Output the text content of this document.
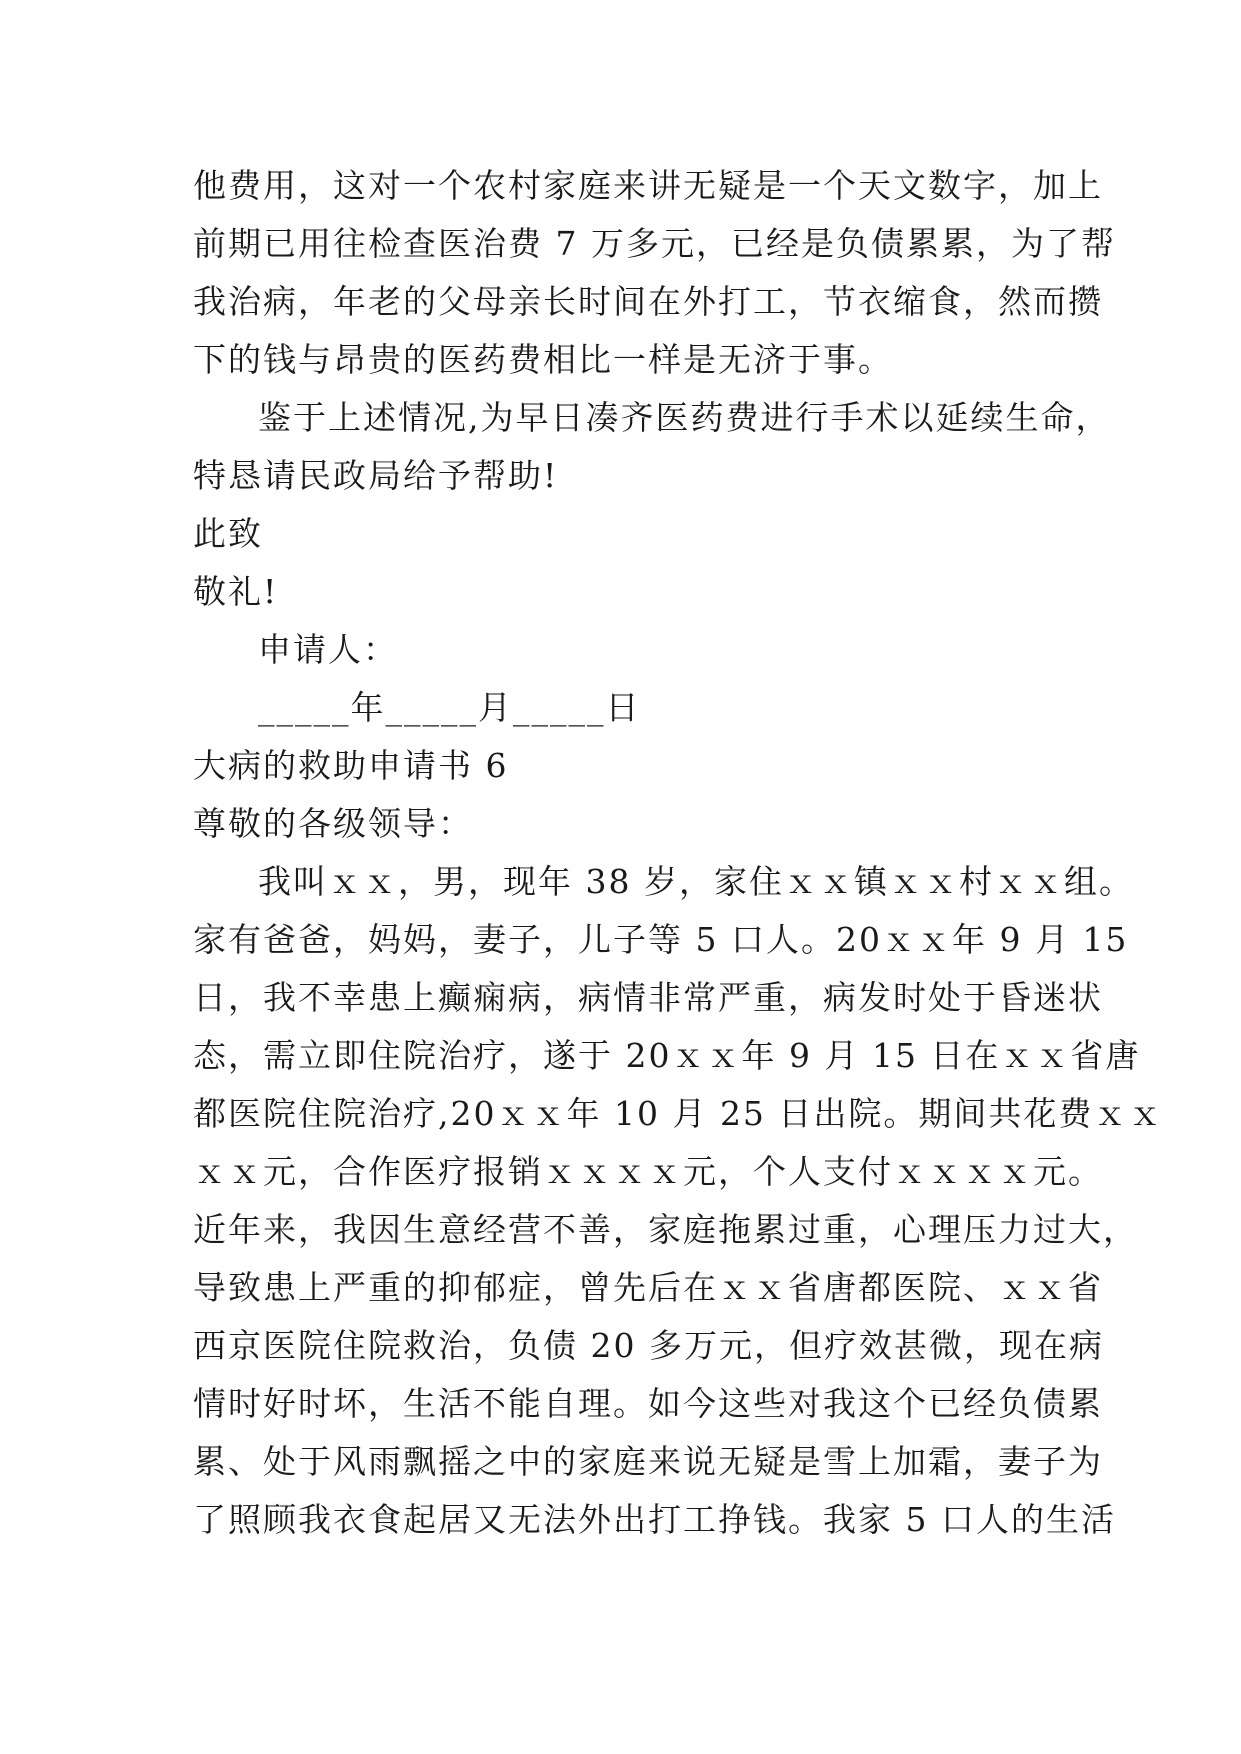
他费用，这对一个农村家庭来讲无疑是一个天文数字，加上
前期已用往检查医治费 7 万多元，已经是负债累累，为了帮
我治病，年老的父母亲长时间在外打工，节衣缩食，然而攒
下的钱与昂贵的医药费相比一样是无济于事。
鉴于上述情况,为早日凑齐医药费进行手术以延续生命，
特恳请民政局给予帮助!
此致
敬礼!
申请人：
_____年_____月_____日
大病的救助申请书 6
尊敬的各级领导：
我叫ｘｘ，男，现年 38 岁，家住ｘｘ镇ｘｘ村ｘｘ组。
家有爸爸，妈妈，妻子，儿子等 5 口人。20ｘｘ年 9 月 15
日，我不幸患上癫痫病，病情非常严重，病发时处于昏迷状
态，需立即住院治疗，遂于 20ｘｘ年 9 月 15 日在ｘｘ省唐
都医院住院治疗,20ｘｘ年 10 月 25 日出院。期间共花费ｘｘ
ｘｘ元，合作医疗报销ｘｘｘｘ元，个人支付ｘｘｘｘ元。
近年来，我因生意经营不善，家庭拖累过重，心理压力过大，
导致患上严重的抑郁症，曾先后在ｘｘ省唐都医院、ｘｘ省
西京医院住院救治，负债 20 多万元，但疗效甚微，现在病
情时好时坏，生活不能自理。如今这些对我这个已经负债累
累、处于风雨飘摇之中的家庭来说无疑是雪上加霜，妻子为
了照顾我衣食起居又无法外出打工挣钱。我家 5 口人的生活
